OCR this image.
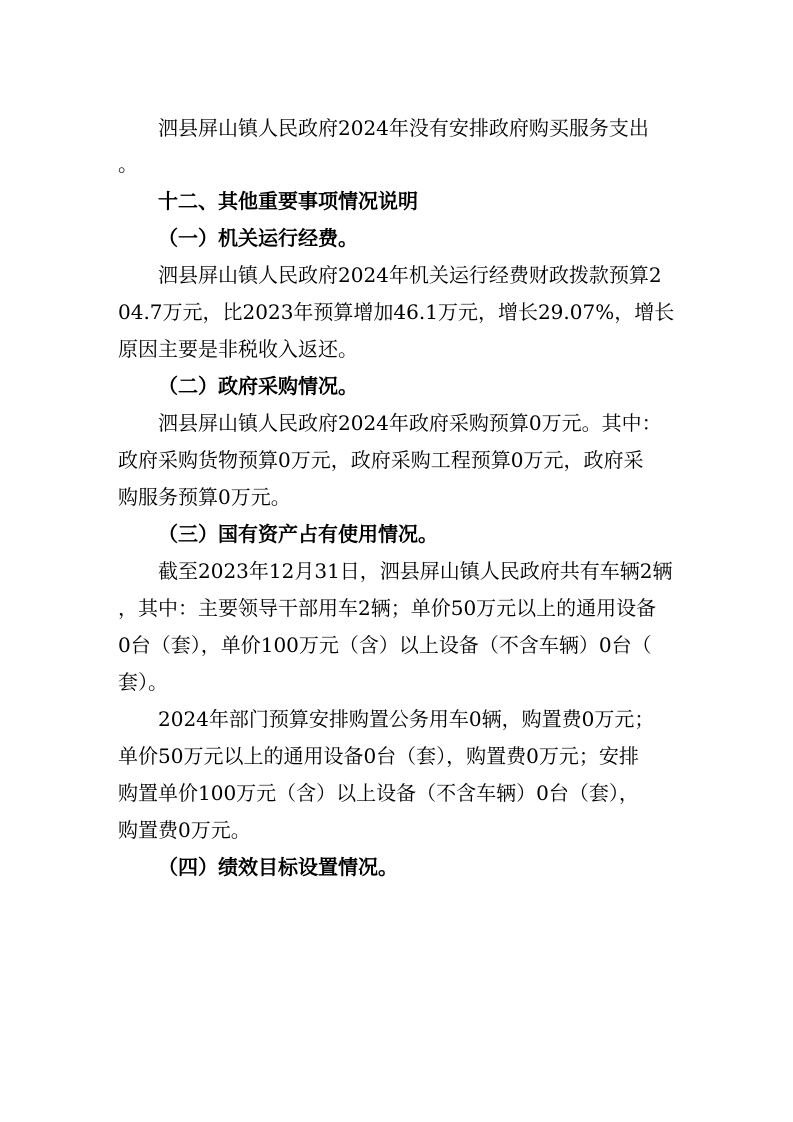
泗县屏山镇人民政府2024年没有安排政府购买服务支出
。
十二、其他重要事项情况说明
（一）机关运行经费。
泗县屏山镇人民政府2024年机关运行经费财政拨款预算2
04.7万元，比2023年预算增加46.1万元，增长29.07%，增长
原因主要是非税收入返还。
（二）政府采购情况。
泗县屏山镇人民政府2024年政府采购预算0万元。其中：
政府采购货物预算0万元，政府采购工程预算0万元，政府采
购服务预算0万元。
（三）国有资产占有使用情况。
截至2023年12月31日，泗县屏山镇人民政府共有车辆2辆
，其中：主要领导干部用车2辆；单价50万元以上的通用设备
0台（套），单价100万元（含）以上设备（不含车辆）0台（
套）。
2024年部门预算安排购置公务用车0辆，购置费0万元；
单价50万元以上的通用设备0台（套），购置费0万元；安排
购置单价100万元（含）以上设备（不含车辆）0台（套），
购置费0万元。
（四）绩效目标设置情况。
